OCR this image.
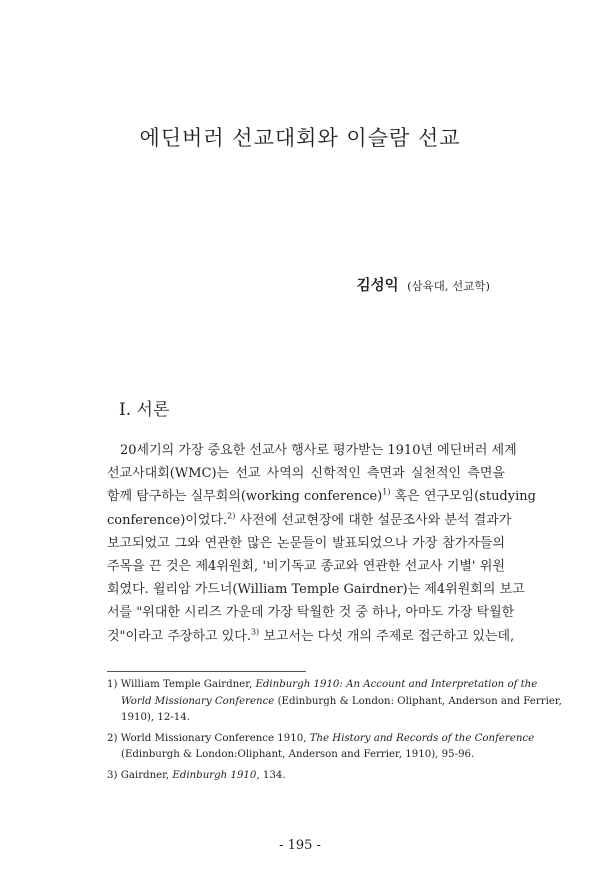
에딘버러 선교대회와 이슬람 선교
김성익 (삼육대, 선교학)
I. 서론
20세기의 가장 중요한 선교사 행사로 평가받는 1910년 에딘버러 세계
선교사대회(WMC)는 선교 사역의 신학적인 측면과 실천적인 측면을
함께 탐구하는 실무회의(working conference)$^{1)}$ 혹은 연구모임(studying
conference)이었다.$^{2)}$ 사전에 선교현장에 대한 설문조사와 분석 결과가
보고되었고 그와 연관한 많은 논문들이 발표되었으나 가장 참가자들의
주목을 끈 것은 제4위원회, '비기독교 종교와 연관한 선교사 기별' 위원
회였다. 윌리암 가드너(William Temple Gairdner)는 제4위원회의 보고
서를 "위대한 시리즈 가운데 가장 탁월한 것 중 하나, 아마도 가장 탁월한
것"이라고 주장하고 있다.$^{3)}$ 보고서는 다섯 개의 주제로 접근하고 있는데,
1) William Temple Gairdner, Edinburgh 1910: An Account and Interpretation of the
World Missionary Conference (Edinburgh & London: Oliphant, Anderson and Ferrier,
1910), 12-14.
2) World Missionary Conference 1910, The History and Records of the Conference
(Edinburgh & London:Oliphant, Anderson and Ferrier, 1910), 95-96.
3) Gairdner, Edinburgh 1910, 134.
- 195 -
